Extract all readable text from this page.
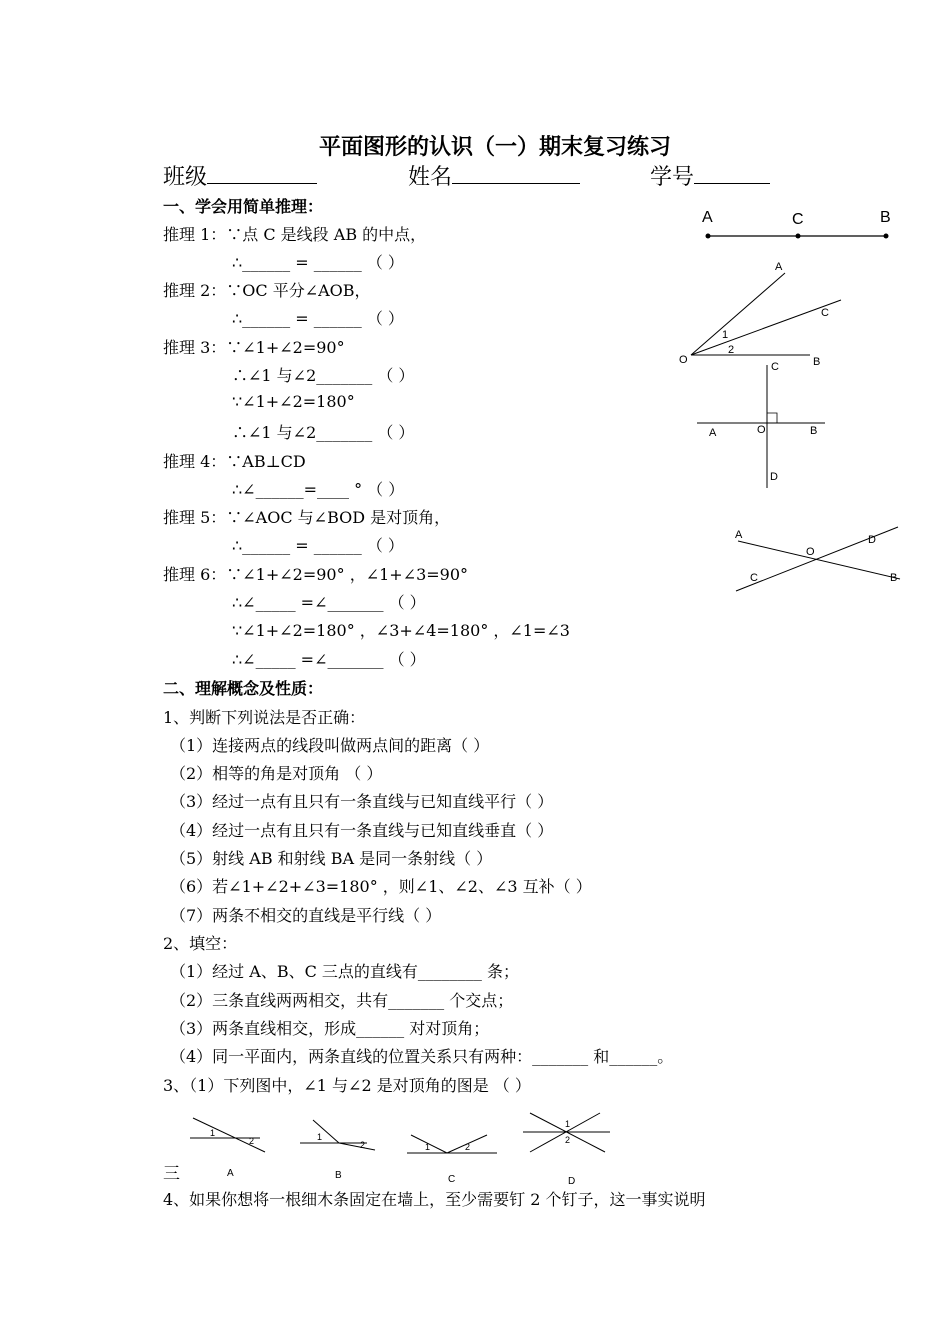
平面图形的认识（一）期末复习练习
班级	姓名	学号
一、学会用简单推理：
推理 1：∵点 C 是线段 AB 的中点，
∴______ = ______ （ ）
推理 2：∵OC 平分∠AOB，
∴______ = ______ （ ）
推理 3：∵∠1+∠2=90°
∴∠1 与∠2_______ （ ）
∵∠1+∠2=180°
∴∠1 与∠2_______ （ ）
推理 4：∵AB⊥CD
∴∠______=____ ° （ ）
推理 5：∵∠AOC 与∠BOD 是对顶角，
∴______ = ______ （ ）
推理 6：∵∠1+∠2=90° ，∠1+∠3=90°
∴∠_____ =∠_______ （ ）
∵∠1+∠2=180° ，∠3+∠4=180° ，∠1=∠3
∴∠_____ =∠_______ （ ）
二、理解概念及性质：
1、判断下列说法是否正确：
（1）连接两点的线段叫做两点间的距离（ ）
（2）相等的角是对顶角 （ ）
（3）经过一点有且只有一条直线与已知直线平行（ ）
（4）经过一点有且只有一条直线与已知直线垂直（ ）
（5）射线 AB 和射线 BA 是同一条射线（ ）
（6）若∠1+∠2+∠3=180° ，则∠1、∠2、∠3 互补（ ）
（7）两条不相交的直线是平行线（ ）
2、填空：
（1）经过 A、B、C 三点的直线有________ 条；
（2）三条直线两两相交，共有_______ 个交点；
（3）两条直线相交，形成______ 对对顶角；
（4）同一平面内，两条直线的位置关系只有两种：_______ 和______。
3、（1）下列图中，∠1 与∠2 是对顶角的图是 （ ）
三
4、如果你想将一根细木条固定在墙上，至少需要钉 2 个钉子，这一事实说明
A	C	B
A
C
O	B
1
2
C
A	O	B
D
A	D
O
C	B
1
2
A
1
2
B
1	2
C
1
2
D
